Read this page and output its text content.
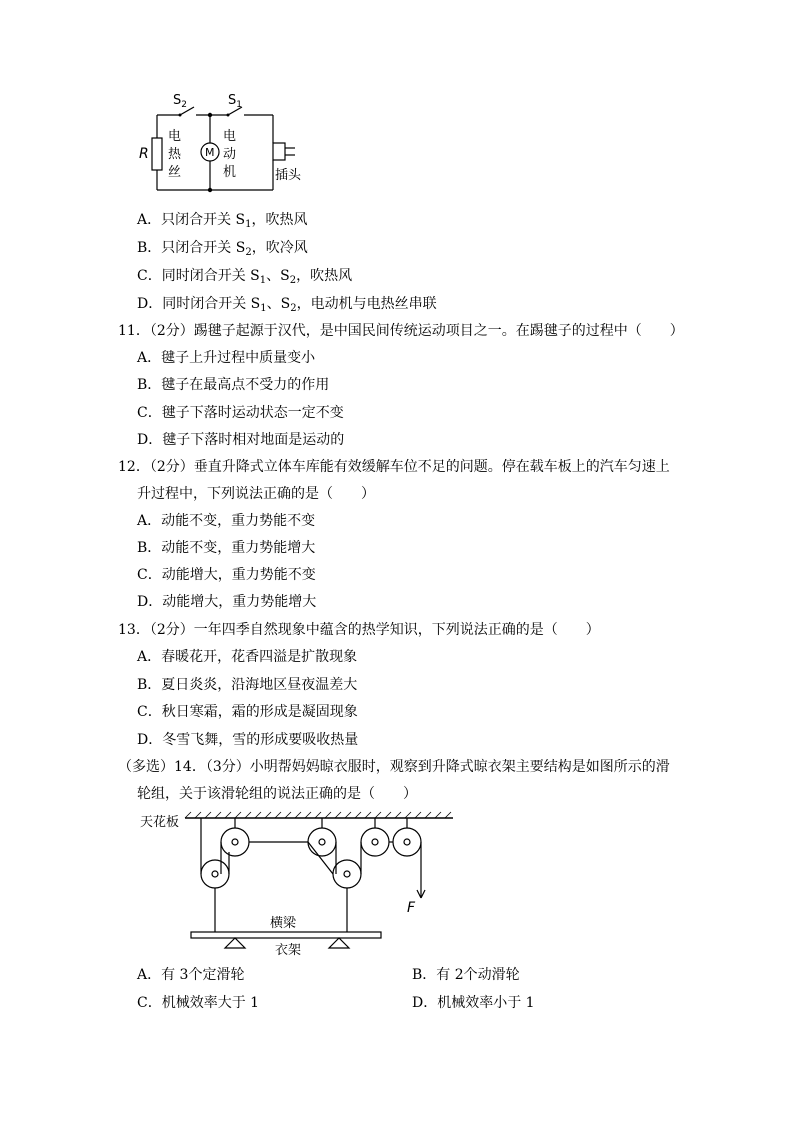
$S_2$	$S_1$
R
电
热
丝
M
电
动
机	插头
A．只闭合开关 $S_1$，吹热风
B．只闭合开关 $S_2$，吹冷风
C．同时闭合开关 $S_1$、$S_2$，吹热风
D．同时闭合开关 $S_1$、$S_2$，电动机与电热丝串联
11．（2分）踢毽子起源于汉代，是中国民间传统运动项目之一。在踢毽子的过程中（　　）
A．毽子上升过程中质量变小
B．毽子在最高点不受力的作用
C．毽子下落时运动状态一定不变
D．毽子下落时相对地面是运动的
12．（2分）垂直升降式立体车库能有效缓解车位不足的问题。停在载车板上的汽车匀速上
升过程中，下列说法正确的是（　　）
A．动能不变，重力势能不变
B．动能不变，重力势能增大
C．动能增大，重力势能不变
D．动能增大，重力势能增大
13．（2分）一年四季自然现象中蕴含的热学知识，下列说法正确的是（　　）
A．春暖花开，花香四溢是扩散现象
B．夏日炎炎，沿海地区昼夜温差大
C．秋日寒霜，霜的形成是凝固现象
D．冬雪飞舞，雪的形成要吸收热量
（多选）14．（3分）小明帮妈妈晾衣服时，观察到升降式晾衣架主要结构是如图所示的滑
轮组，关于该滑轮组的说法正确的是（　　）
天花板
横梁
衣架
F
A．有 3个定滑轮	B．有 2个动滑轮
C．机械效率大于 1	D．机械效率小于 1
